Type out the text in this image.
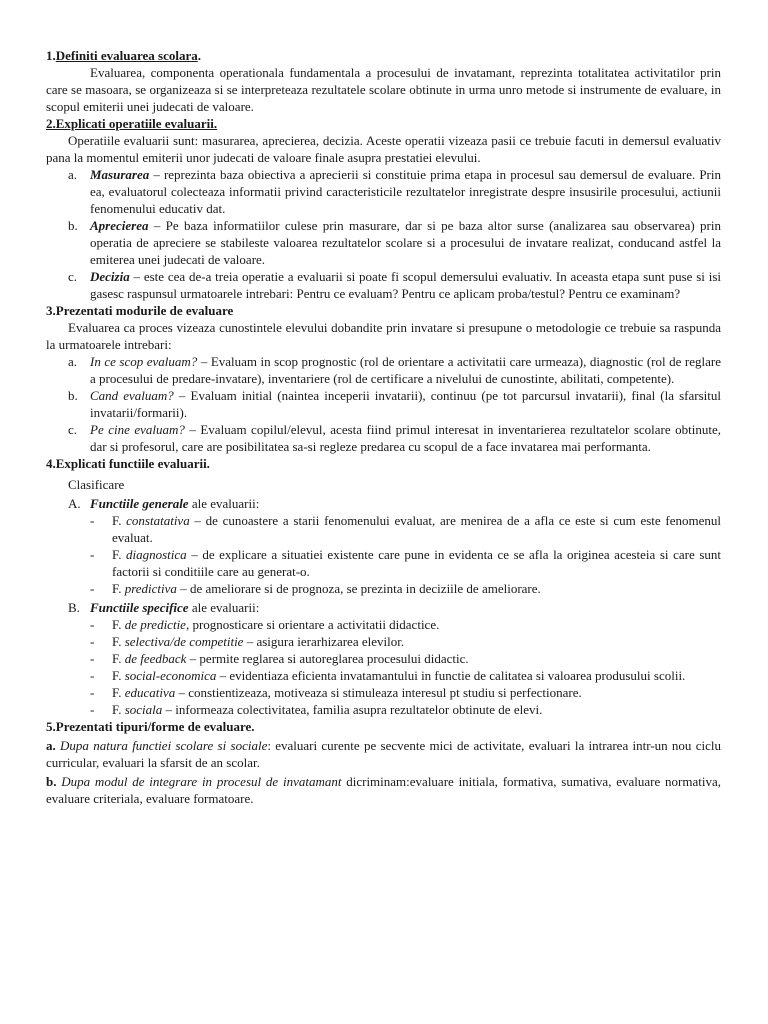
1.Definiti evaluarea scolara.

Evaluarea, componenta operationala fundamentala a procesului de invatamant, reprezinta totalitatea activitatilor prin care se masoara, se organizeaza si se interpreteaza rezultatele scolare obtinute in urma unro metode si instrumente de evaluare, in scopul emiterii unei judecati de valoare.

2.Explicati operatiile evaluarii.

Operatiile evaluarii sunt: masurarea, aprecierea, decizia. Aceste operatii vizeaza pasii ce trebuie facuti in demersul evaluativ pana la momentul emiterii unor judecati de valoare finale asupra prestatiei elevului.

a. Masurarea – reprezinta baza obiectiva a aprecierii si constituie prima etapa in procesul sau demersul de evaluare. Prin ea, evaluatorul colecteaza informatii privind caracteristicile rezultatelor inregistrate despre insusirile procesului, actiunii fenomenului educativ dat.
b. Aprecierea – Pe baza informatiilor culese prin masurare, dar si pe baza altor surse (analizarea sau observarea) prin operatia de apreciere se stabileste valoarea rezultatelor scolare si a procesului de invatare realizat, conducand astfel la emiterea unei judecati de valoare.
c. Decizia – este cea de-a treia operatie a evaluarii si poate fi scopul demersului evaluativ. In aceasta etapa sunt puse si isi gasesc raspunsul urmatoarele intrebari: Pentru ce evaluam? Pentru ce aplicam proba/testul? Pentru ce examinam?

3.Prezentati modurile de evaluare

Evaluarea ca proces vizeaza cunostintele elevului dobandite prin invatare si presupune o metodologie ce trebuie sa raspunda la urmatoarele intrebari:

a. In ce scop evaluam? – Evaluam in scop prognostic (rol de orientare a activitatii care urmeaza), diagnostic (rol de reglare a procesului de predare-invatare), inventariere (rol de certificare a nivelului de cunostinte, abilitati, competente).
b. Cand evaluam? – Evaluam initial (naintea inceperii invatarii), continuu (pe tot parcursul invatarii), final (la sfarsitul invatarii/formarii).
c. Pe cine evaluam? – Evaluam copilul/elevul, acesta fiind primul interesat in inventarierea rezultatelor scolare obtinute, dar si profesorul, care are posibilitatea sa-si regleze predarea cu scopul de a face invatarea mai performanta.

4.Explicati functiile evaluarii.

Clasificare

A. Functiile generale ale evaluarii:
-	F. constatativa – de cunoastere a starii fenomenului evaluat, are menirea de a afla ce este si cum este fenomenul evaluat.
-	F. diagnostica – de explicare a situatiei existente care pune in evidenta ce se afla la originea acesteia si care sunt factorii si conditiile care au generat-o.
-	F. predictiva – de ameliorare si de prognoza, se prezinta in deciziile de ameliorare.
B. Functiile specifice ale evaluarii:
-	F. de predictie, prognosticare si orientare a activitatii didactice.
-	F. selectiva/de competitie – asigura ierarhizarea elevilor.
-	F. de feedback – permite reglarea si autoreglarea procesului didactic.
-	F. social-economica – evidentiaza eficienta invatamantului in functie de calitatea si valoarea produsului scolii.
-	F. educativa – constientizeaza, motiveaza si stimuleaza interesul pt studiu si perfectionare.
-	F. sociala – informeaza colectivitatea, familia asupra rezultatelor obtinute de elevi.

5.Prezentati tipuri/forme de evaluare.

a. Dupa natura functiei scolare si sociale: evaluari curente pe secvente mici de activitate, evaluari la intrarea intr-un nou ciclu curricular, evaluari la sfarsit de an scolar.

b. Dupa modul de integrare in procesul de invatamant dicriminam:evaluare initiala, formativa, sumativa, evaluare normativa, evaluare criteriala, evaluare formatoare.
